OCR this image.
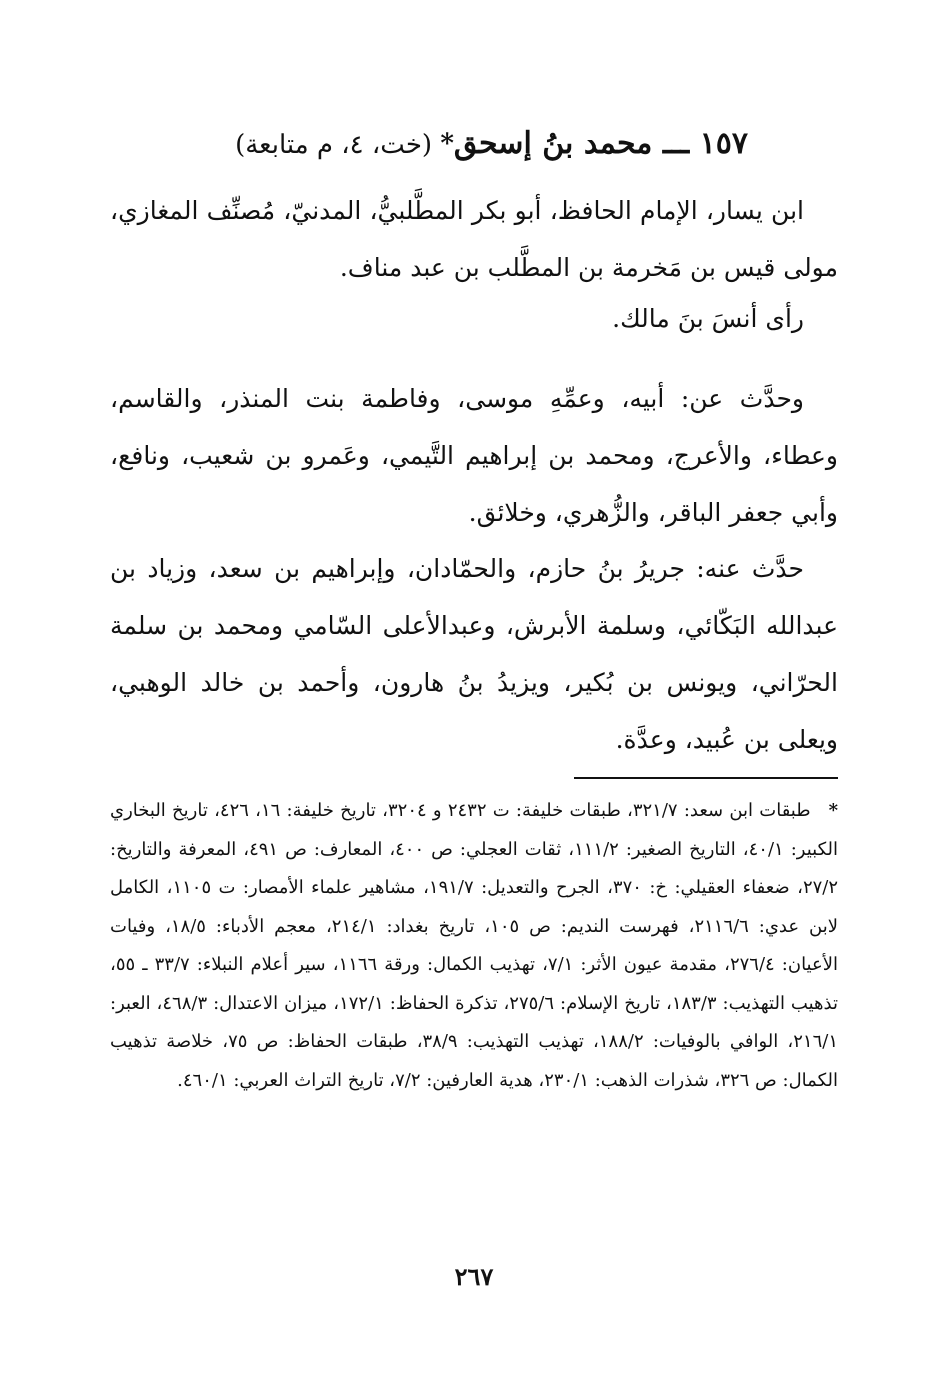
١٥٧ ـــ محمد بنُ إسحق* (خت، ٤، م متابعة)
ابن يسار، الإمام الحافظ، أبو بكر المطَّلبيُّ، المدنيّ، مُصنِّف المغازي، مولى قيس بن مَخرمة بن المطَّلب بن عبد مناف.
رأى أنسَ بنَ مالك.
وحدَّث عن: أبيه، وعمِّهِ موسى، وفاطمة بنت المنذر، والقاسم، وعطاء، والأعرج، ومحمد بن إبراهيم التَّيمي، وعَمرو بن شعيب، ونافع، وأبي جعفر الباقر، والزُّهري، وخلائق.
حدَّث عنه: جريرُ بنُ حازم، والحمّادان، وإبراهيم بن سعد، وزياد بن عبدالله البَكّائي، وسلمة الأبرش، وعبدالأعلى السّامي ومحمد بن سلمة الحرّاني، ويونس بن بُكير، ويزيدُ بنُ هارون، وأحمد بن خالد الوهبي، ويعلى بن عُبيد، وعدَّة.
*طبقات ابن سعد: ٣٢١/٧، طبقات خليفة: ت ٢٤٣٢ و ٣٢٠٤، تاريخ خليفة: ١٦، ٤٢٦، تاريخ البخاري الكبير: ٤٠/١، التاريخ الصغير: ١١١/٢، ثقات العجلي: ص ٤٠٠، المعارف: ص ٤٩١، المعرفة والتاريخ: ٢٧/٢، ضعفاء العقيلي: خ: ٣٧٠، الجرح والتعديل: ١٩١/٧، مشاهير علماء الأمصار: ت ١١٠٥، الكامل لابن عدي: ٢١١٦/٦، فهرست النديم: ص ١٠٥، تاريخ بغداد: ٢١٤/١، معجم الأدباء: ١٨/٥، وفيات الأعيان: ٢٧٦/٤، مقدمة عيون الأثر: ٧/١، تهذيب الكمال: ورقة ١١٦٦، سير أعلام النبلاء: ٣٣/٧ ـ ٥٥، تذهيب التهذيب: ١٨٣/٣، تاريخ الإسلام: ٢٧٥/٦، تذكرة الحفاظ: ١٧٢/١، ميزان الاعتدال: ٤٦٨/٣، العبر: ٢١٦/١، الوافي بالوفيات: ١٨٨/٢، تهذيب التهذيب: ٣٨/٩، طبقات الحفاظ: ص ٧٥، خلاصة تذهيب الكمال: ص ٣٢٦، شذرات الذهب: ٢٣٠/١، هدية العارفين: ٧/٢، تاريخ التراث العربي: ٤٦٠/١.
٢٦٧
